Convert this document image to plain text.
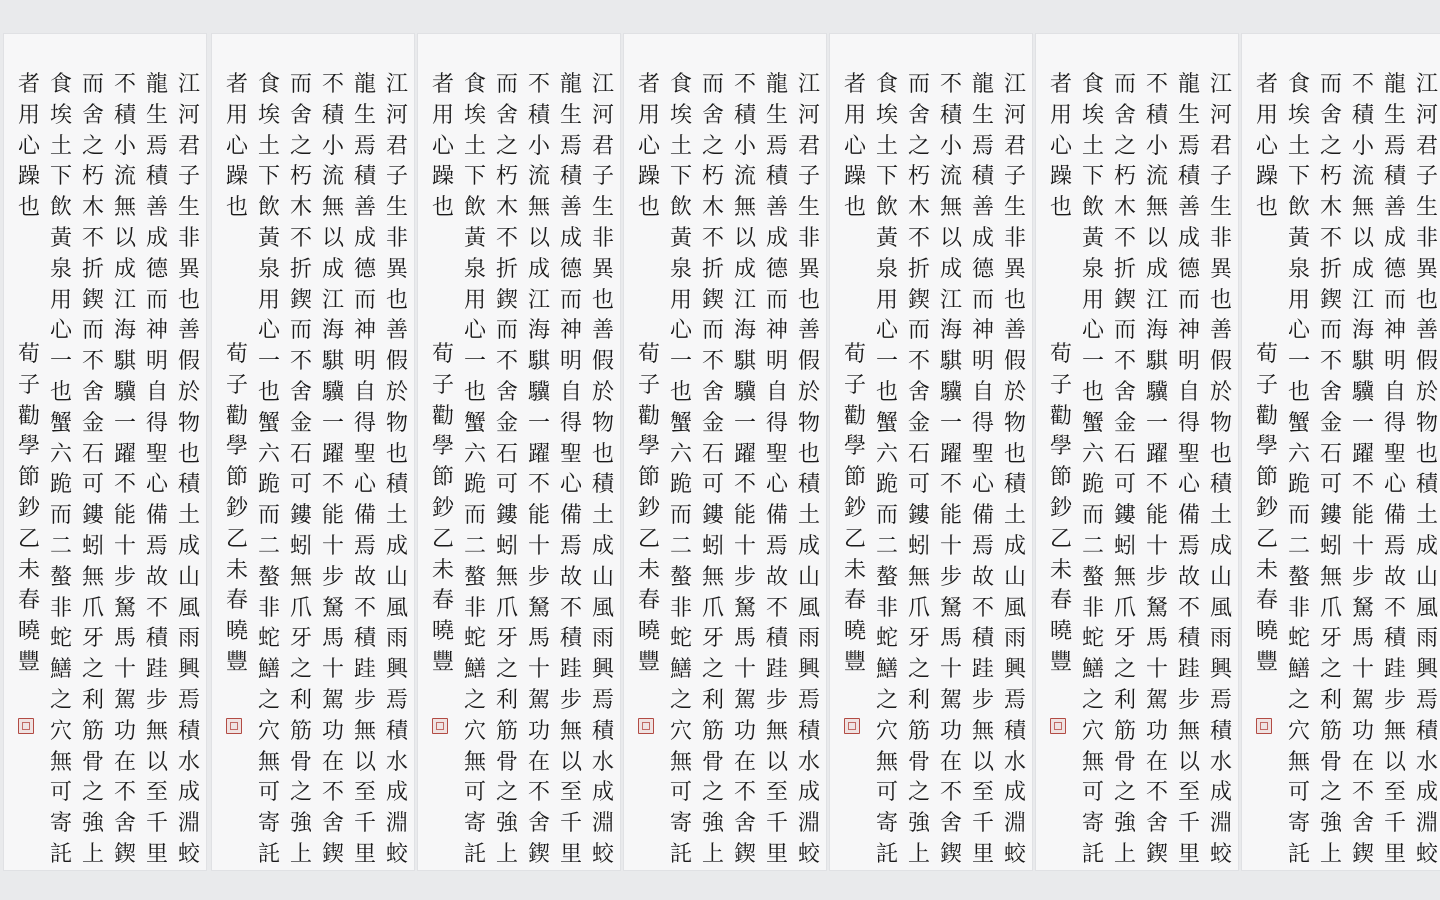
江
河
君
子
生
非
異
也
善
假
於
物
也
積
土
成
山
風
雨
興
焉
積
水
成
淵
蛟
龍
生
焉
積
善
成
德
而
神
明
自
得
聖
心
備
焉
故
不
積
跬
步
無
以
至
千
里
不
積
小
流
無
以
成
江
海
騏
驥
一
躍
不
能
十
步
駑
馬
十
駕
功
在
不
舍
鍥
而
舍
之
朽
木
不
折
鍥
而
不
舍
金
石
可
鏤
蚓
無
爪
牙
之
利
筋
骨
之
強
上
食
埃
土
下
飲
黃
泉
用
心
一
也
蟹
六
跪
而
二
螯
非
蛇
鱔
之
穴
無
可
寄
託
者
用
心
躁
也
荀
子
勸
學
節
鈔
乙
未
春
曉
豐
江
河
君
子
生
非
異
也
善
假
於
物
也
積
土
成
山
風
雨
興
焉
積
水
成
淵
蛟
龍
生
焉
積
善
成
德
而
神
明
自
得
聖
心
備
焉
故
不
積
跬
步
無
以
至
千
里
不
積
小
流
無
以
成
江
海
騏
驥
一
躍
不
能
十
步
駑
馬
十
駕
功
在
不
舍
鍥
而
舍
之
朽
木
不
折
鍥
而
不
舍
金
石
可
鏤
蚓
無
爪
牙
之
利
筋
骨
之
強
上
食
埃
土
下
飲
黃
泉
用
心
一
也
蟹
六
跪
而
二
螯
非
蛇
鱔
之
穴
無
可
寄
託
者
用
心
躁
也
荀
子
勸
學
節
鈔
乙
未
春
曉
豐
江
河
君
子
生
非
異
也
善
假
於
物
也
積
土
成
山
風
雨
興
焉
積
水
成
淵
蛟
龍
生
焉
積
善
成
德
而
神
明
自
得
聖
心
備
焉
故
不
積
跬
步
無
以
至
千
里
不
積
小
流
無
以
成
江
海
騏
驥
一
躍
不
能
十
步
駑
馬
十
駕
功
在
不
舍
鍥
而
舍
之
朽
木
不
折
鍥
而
不
舍
金
石
可
鏤
蚓
無
爪
牙
之
利
筋
骨
之
強
上
食
埃
土
下
飲
黃
泉
用
心
一
也
蟹
六
跪
而
二
螯
非
蛇
鱔
之
穴
無
可
寄
託
者
用
心
躁
也
荀
子
勸
學
節
鈔
乙
未
春
曉
豐
江
河
君
子
生
非
異
也
善
假
於
物
也
積
土
成
山
風
雨
興
焉
積
水
成
淵
蛟
龍
生
焉
積
善
成
德
而
神
明
自
得
聖
心
備
焉
故
不
積
跬
步
無
以
至
千
里
不
積
小
流
無
以
成
江
海
騏
驥
一
躍
不
能
十
步
駑
馬
十
駕
功
在
不
舍
鍥
而
舍
之
朽
木
不
折
鍥
而
不
舍
金
石
可
鏤
蚓
無
爪
牙
之
利
筋
骨
之
強
上
食
埃
土
下
飲
黃
泉
用
心
一
也
蟹
六
跪
而
二
螯
非
蛇
鱔
之
穴
無
可
寄
託
者
用
心
躁
也
荀
子
勸
學
節
鈔
乙
未
春
曉
豐
江
河
君
子
生
非
異
也
善
假
於
物
也
積
土
成
山
風
雨
興
焉
積
水
成
淵
蛟
龍
生
焉
積
善
成
德
而
神
明
自
得
聖
心
備
焉
故
不
積
跬
步
無
以
至
千
里
不
積
小
流
無
以
成
江
海
騏
驥
一
躍
不
能
十
步
駑
馬
十
駕
功
在
不
舍
鍥
而
舍
之
朽
木
不
折
鍥
而
不
舍
金
石
可
鏤
蚓
無
爪
牙
之
利
筋
骨
之
強
上
食
埃
土
下
飲
黃
泉
用
心
一
也
蟹
六
跪
而
二
螯
非
蛇
鱔
之
穴
無
可
寄
託
者
用
心
躁
也
荀
子
勸
學
節
鈔
乙
未
春
曉
豐
江
河
君
子
生
非
異
也
善
假
於
物
也
積
土
成
山
風
雨
興
焉
積
水
成
淵
蛟
龍
生
焉
積
善
成
德
而
神
明
自
得
聖
心
備
焉
故
不
積
跬
步
無
以
至
千
里
不
積
小
流
無
以
成
江
海
騏
驥
一
躍
不
能
十
步
駑
馬
十
駕
功
在
不
舍
鍥
而
舍
之
朽
木
不
折
鍥
而
不
舍
金
石
可
鏤
蚓
無
爪
牙
之
利
筋
骨
之
強
上
食
埃
土
下
飲
黃
泉
用
心
一
也
蟹
六
跪
而
二
螯
非
蛇
鱔
之
穴
無
可
寄
託
者
用
心
躁
也
荀
子
勸
學
節
鈔
乙
未
春
曉
豐
江
河
君
子
生
非
異
也
善
假
於
物
也
積
土
成
山
風
雨
興
焉
積
水
成
淵
蛟
龍
生
焉
積
善
成
德
而
神
明
自
得
聖
心
備
焉
故
不
積
跬
步
無
以
至
千
里
不
積
小
流
無
以
成
江
海
騏
驥
一
躍
不
能
十
步
駑
馬
十
駕
功
在
不
舍
鍥
而
舍
之
朽
木
不
折
鍥
而
不
舍
金
石
可
鏤
蚓
無
爪
牙
之
利
筋
骨
之
強
上
食
埃
土
下
飲
黃
泉
用
心
一
也
蟹
六
跪
而
二
螯
非
蛇
鱔
之
穴
無
可
寄
託
者
用
心
躁
也
荀
子
勸
學
節
鈔
乙
未
春
曉
豐
